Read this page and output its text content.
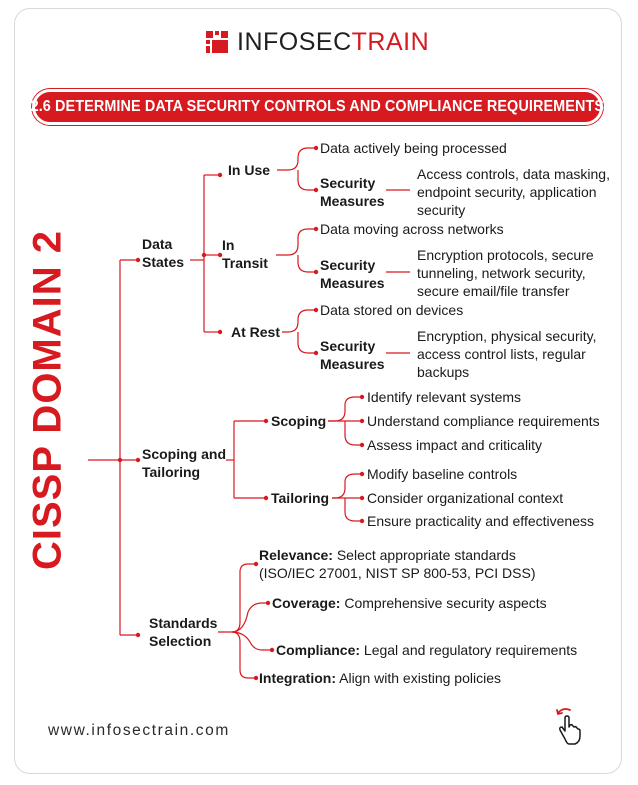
INFOSECTRAIN
2.6 DETERMINE DATA SECURITY CONTROLS AND COMPLIANCE REQUIREMENTS
CISSP DOMAIN 2	Data
States
In Use
Data actively being processed
Security
Measures
Access controls, data masking,
endpoint security, application
security
In
Transit
Data moving across networks
Security
Measures
Encryption protocols, secure
tunneling, network security,
secure email/file transfer
At Rest
Data stored on devices
Security
Measures
Encryption, physical security,
access control lists, regular
backups
Scoping and
Tailoring
Scoping
Identify relevant systems
Understand compliance requirements
Assess impact and criticality
Tailoring
Modify baseline controls
Consider organizational context
Ensure practicality and effectiveness
Standards
Selection
Relevance: Select appropriate standards
(ISO/IEC 27001, NIST SP 800-53, PCI DSS)
Coverage: Comprehensive security aspects
Compliance: Legal and regulatory requirements
Integration: Align with existing policies
www.infosectrain.com
